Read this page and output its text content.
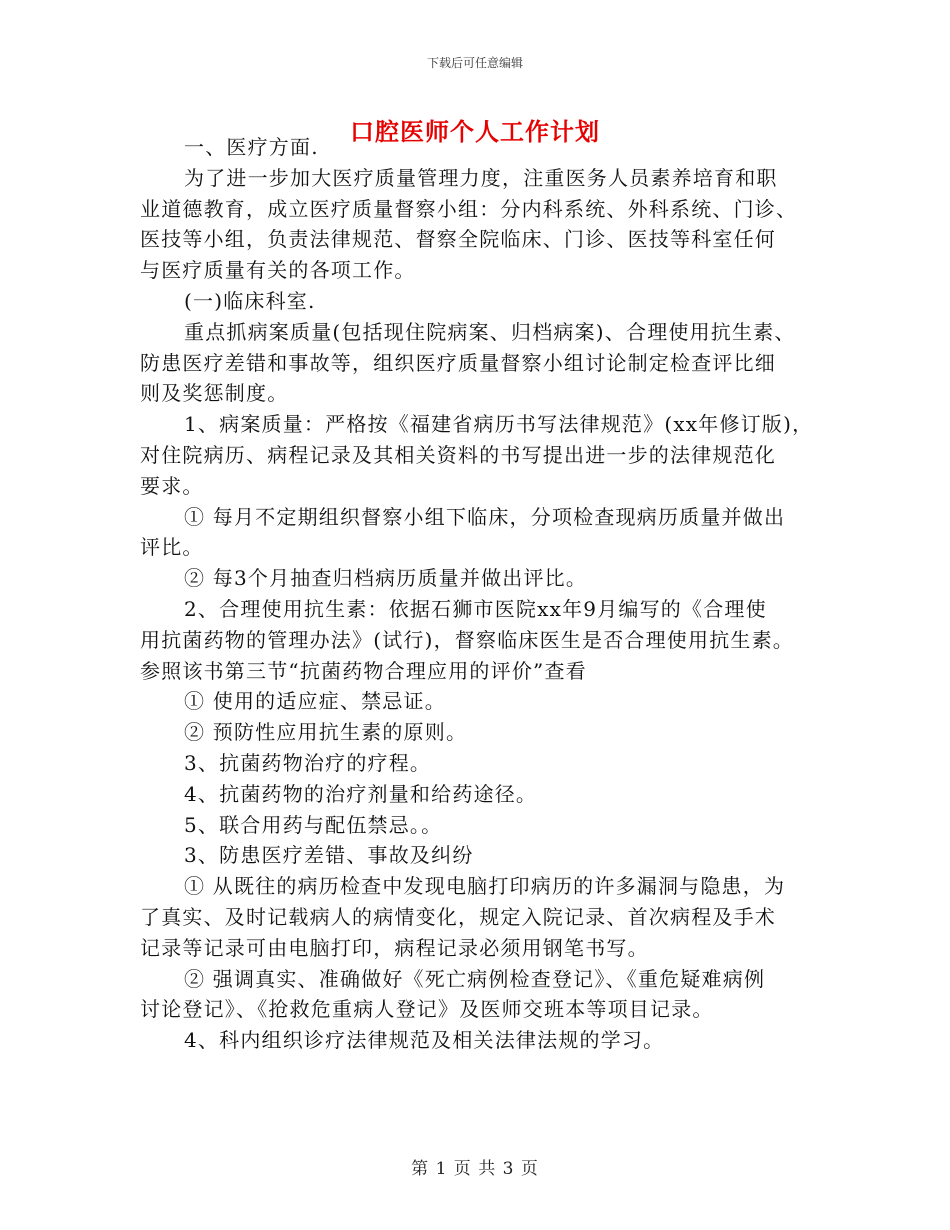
下载后可任意编辑
口腔医师个人工作计划

一、医疗方面.

为了进一步加大医疗质量管理力度，注重医务人员素养培育和职
业道德教育，成立医疗质量督察小组：分内科系统、外科系统、门诊、
医技等小组，负责法律规范、督察全院临床、门诊、医技等科室任何
与医疗质量有关的各项工作。

(一)临床科室.

重点抓病案质量(包括现住院病案、归档病案)、合理使用抗生素、
防患医疗差错和事故等，组织医疗质量督察小组讨论制定检查评比细
则及奖惩制度。

1、病案质量：严格按《福建省病历书写法律规范》(xx年修订版)，
对住院病历、病程记录及其相关资料的书写提出进一步的法律规范化
要求。

① 每月不定期组织督察小组下临床，分项检查现病历质量并做出
评比。

② 每3个月抽查归档病历质量并做出评比。

2、合理使用抗生素：依据石狮市医院xx年9月编写的《合理使
用抗菌药物的管理办法》(试行)，督察临床医生是否合理使用抗生素。
参照该书第三节“抗菌药物合理应用的评价”查看

① 使用的适应症、禁忌证。

② 预防性应用抗生素的原则。

3、抗菌药物治疗的疗程。

4、抗菌药物的治疗剂量和给药途径。

5、联合用药与配伍禁忌。。

3、防患医疗差错、事故及纠纷

① 从既往的病历检查中发现电脑打印病历的许多漏洞与隐患，为
了真实、及时记载病人的病情变化，规定入院记录、首次病程及手术
记录等记录可由电脑打印，病程记录必须用钢笔书写。

② 强调真实、准确做好《死亡病例检查登记》、《重危疑难病例
讨论登记》、《抢救危重病人登记》及医师交班本等项目记录。

4、科内组织诊疗法律规范及相关法律法规的学习。

第 1 页 共 3 页
